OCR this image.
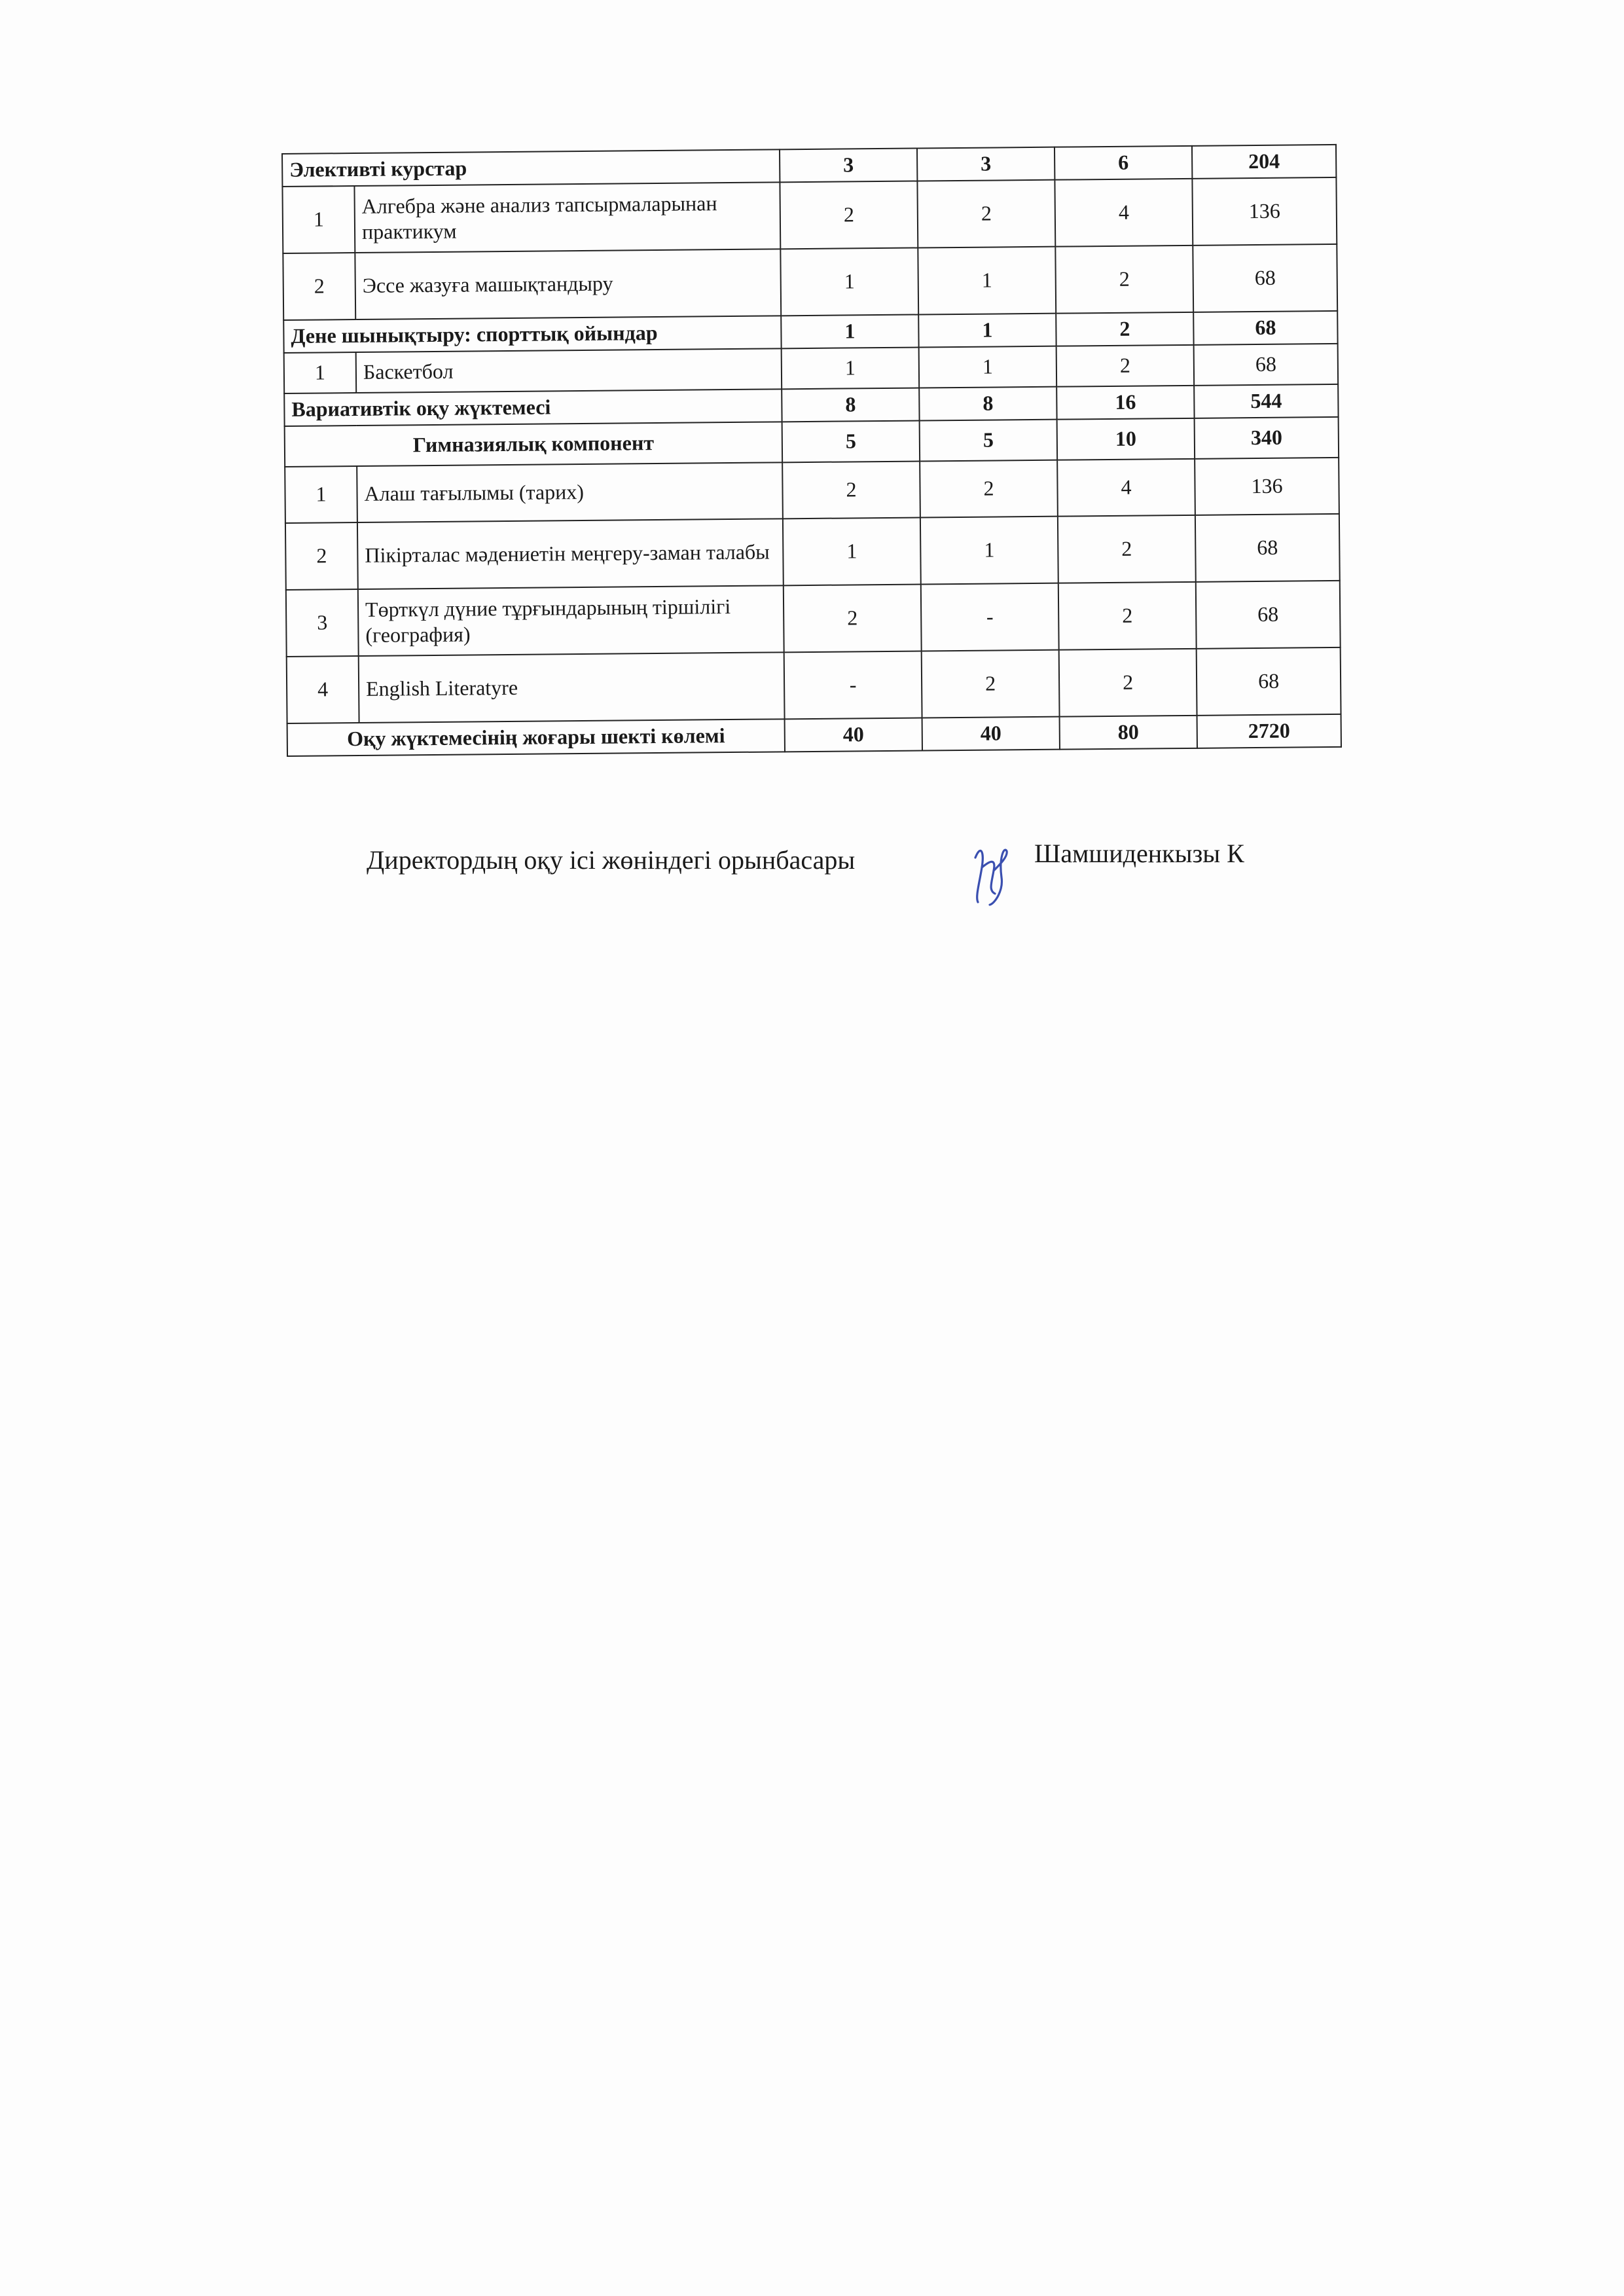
Элективті курстар		3	3	6	204
1	Алгебра және анализ тапсырмаларынан практикум	2	2	4	136
2	Эссе жазуға машықтандыру	1	1	2	68
Дене шынықтыру: спорттық ойындар		1	1	2	68
1	Баскетбол	1	1	2	68
Вариативтік оқу жүктемесі		8	8	16	544
Гимназиялық компонент		5	5	10	340
1	Алаш тағылымы (тарих)	2	2	4	136
2	Пікірталас мәдениетін меңгеру-заман талабы	1	1	2	68
3	Төрткүл дүние тұрғындарының тіршілігі (география)	2	-	2	68
4	English Literatyre	-	2	2	68
Оқу жүктемесінің жоғары шекті көлемі		40	40	80	2720
Директордың оқу ісі жөніндегі орынбасары	Шамшиденкызы К
